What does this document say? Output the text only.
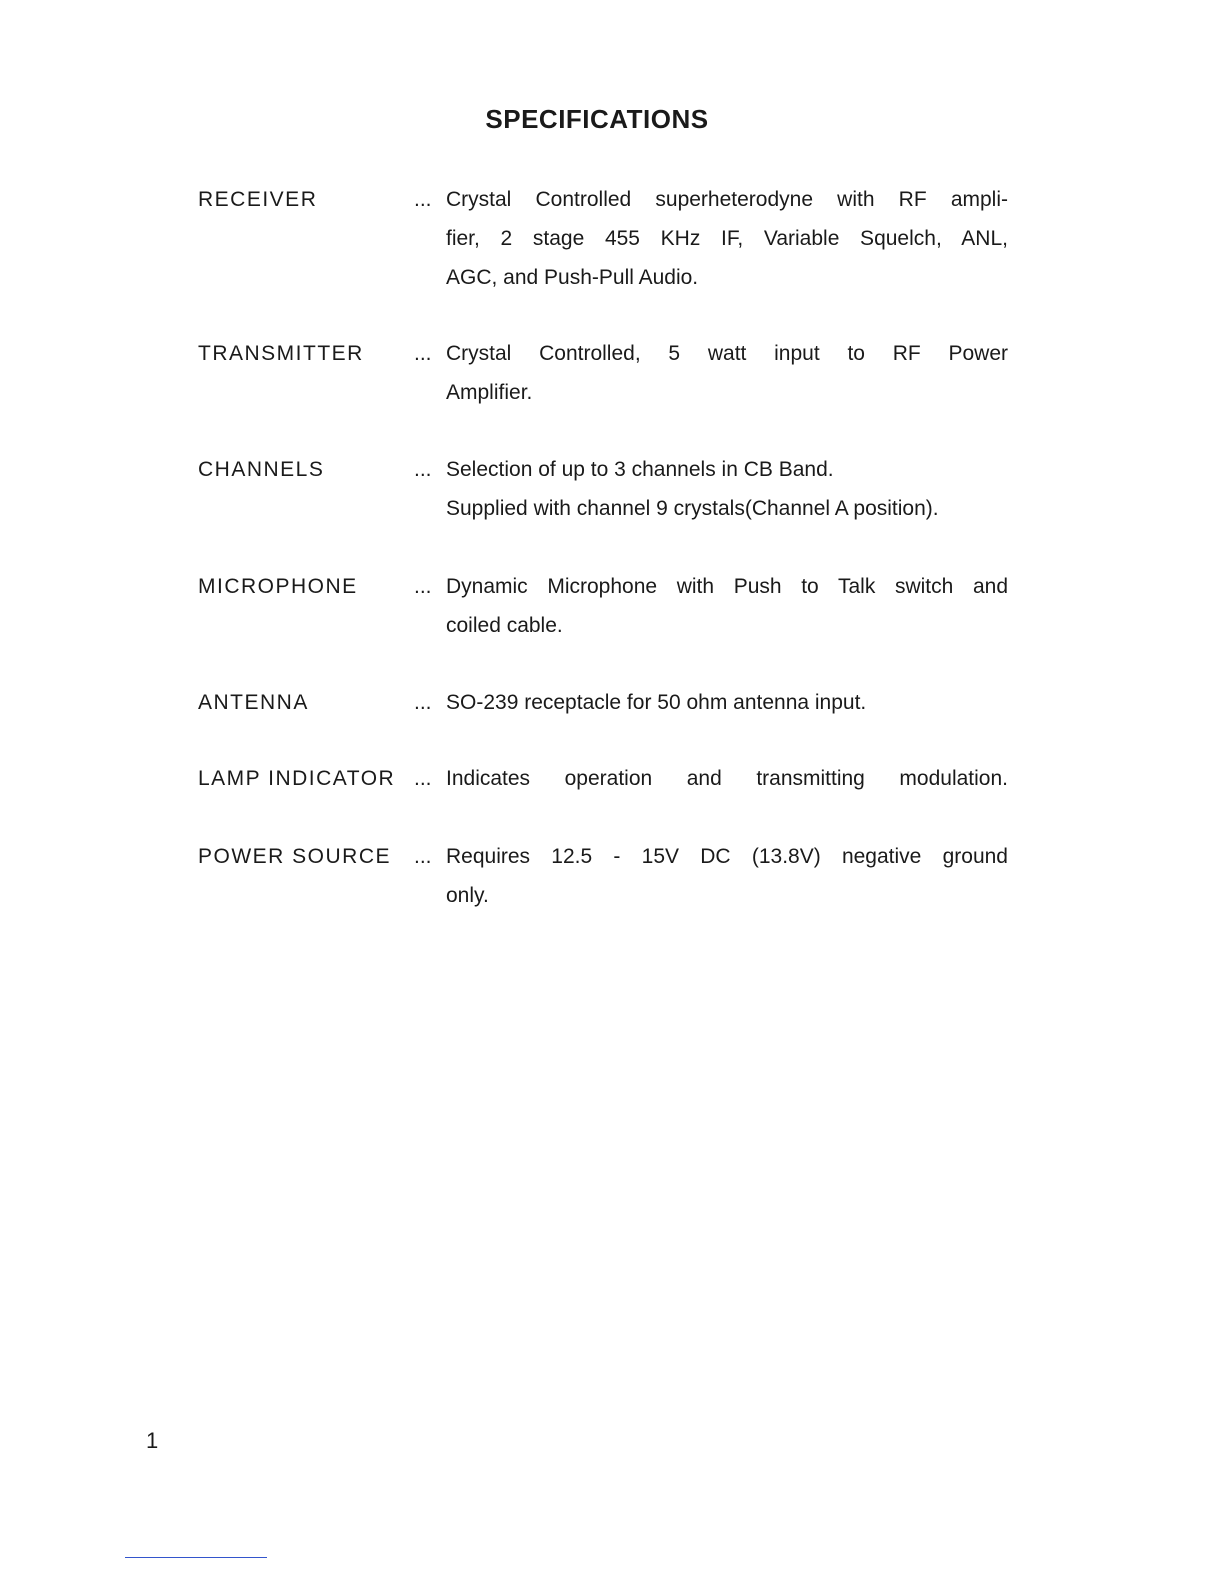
SPECIFICATIONS
RECEIVER	... Crystal Controlled superheterodyne with RF ampli-
fier, 2 stage 455 KHz IF, Variable Squelch, ANL,
AGC, and Push-Pull Audio.
TRANSMITTER ... Crystal Controlled, 5 watt input to RF Power
Amplifier.
CHANNELS	... Selection of up to 3 channels in CB Band.
Supplied with channel 9 crystals(Channel A position).
MICROPHONE	... Dynamic Microphone with Push to Talk switch and
coiled cable.
ANTENNA	... SO-239 receptacle for 50 ohm antenna input.
LAMP INDICATOR ... Indicates operation and transmitting modulation.
POWER SOURCE ... Requires 12.5 - 15V DC (13.8V) negative ground
only.
1
